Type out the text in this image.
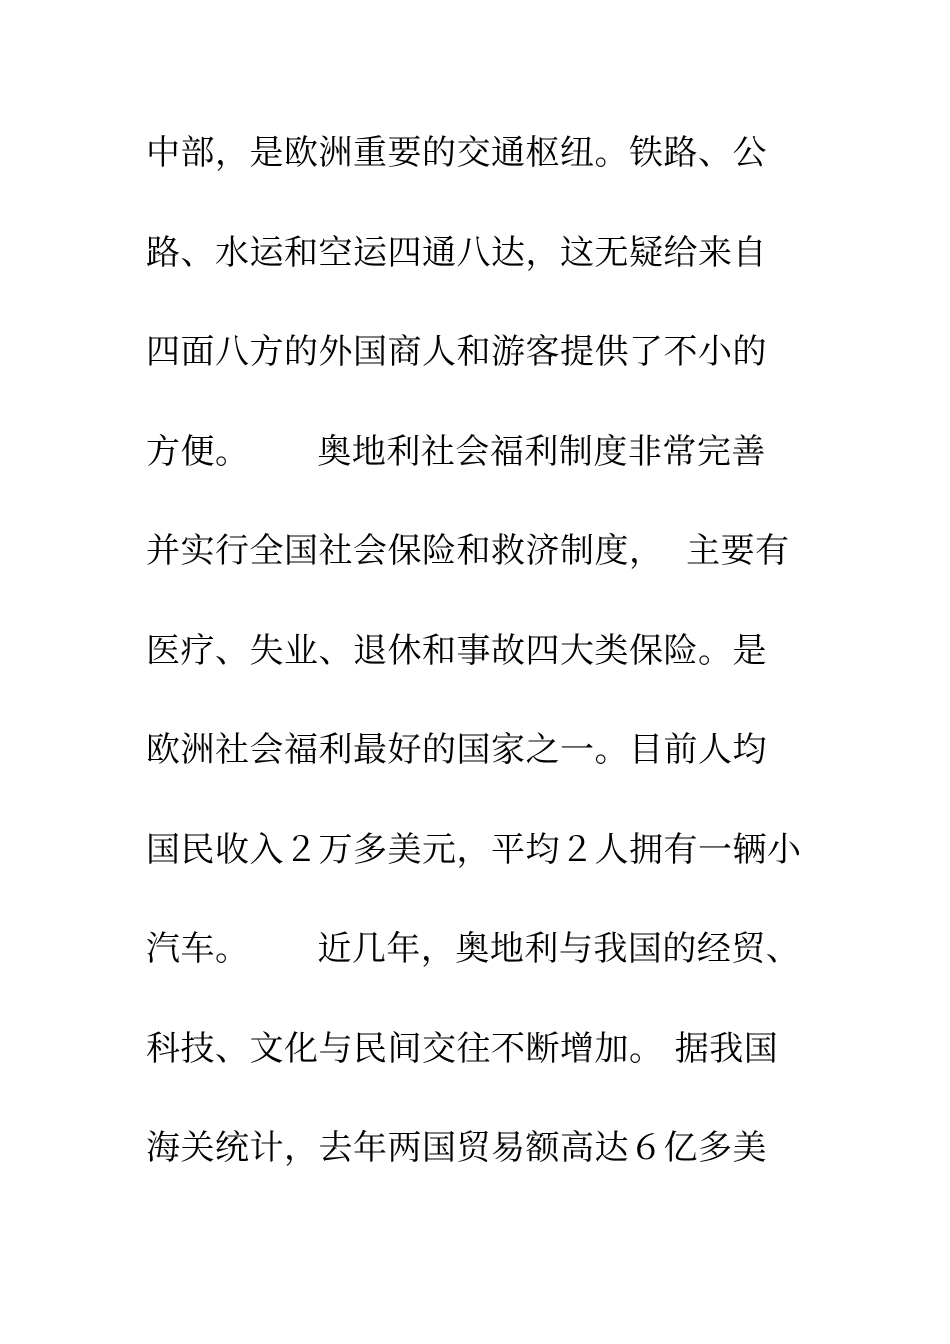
中部，是欧洲重要的交通枢纽。铁路、公
路、水运和空运四通八达，这无疑给来自
四面八方的外国商人和游客提供了不小的
方便。      奥地利社会福利制度非常完善
并实行全国社会保险和救济制度，  主要有
医疗、失业、退休和事故四大类保险。是
欧洲社会福利最好的国家之一。目前人均
国民收入２万多美元，平均２人拥有一辆小
汽车。      近几年，奥地利与我国的经贸、
科技、文化与民间交往不断增加。 据我国
海关统计，去年两国贸易额高达６亿多美
